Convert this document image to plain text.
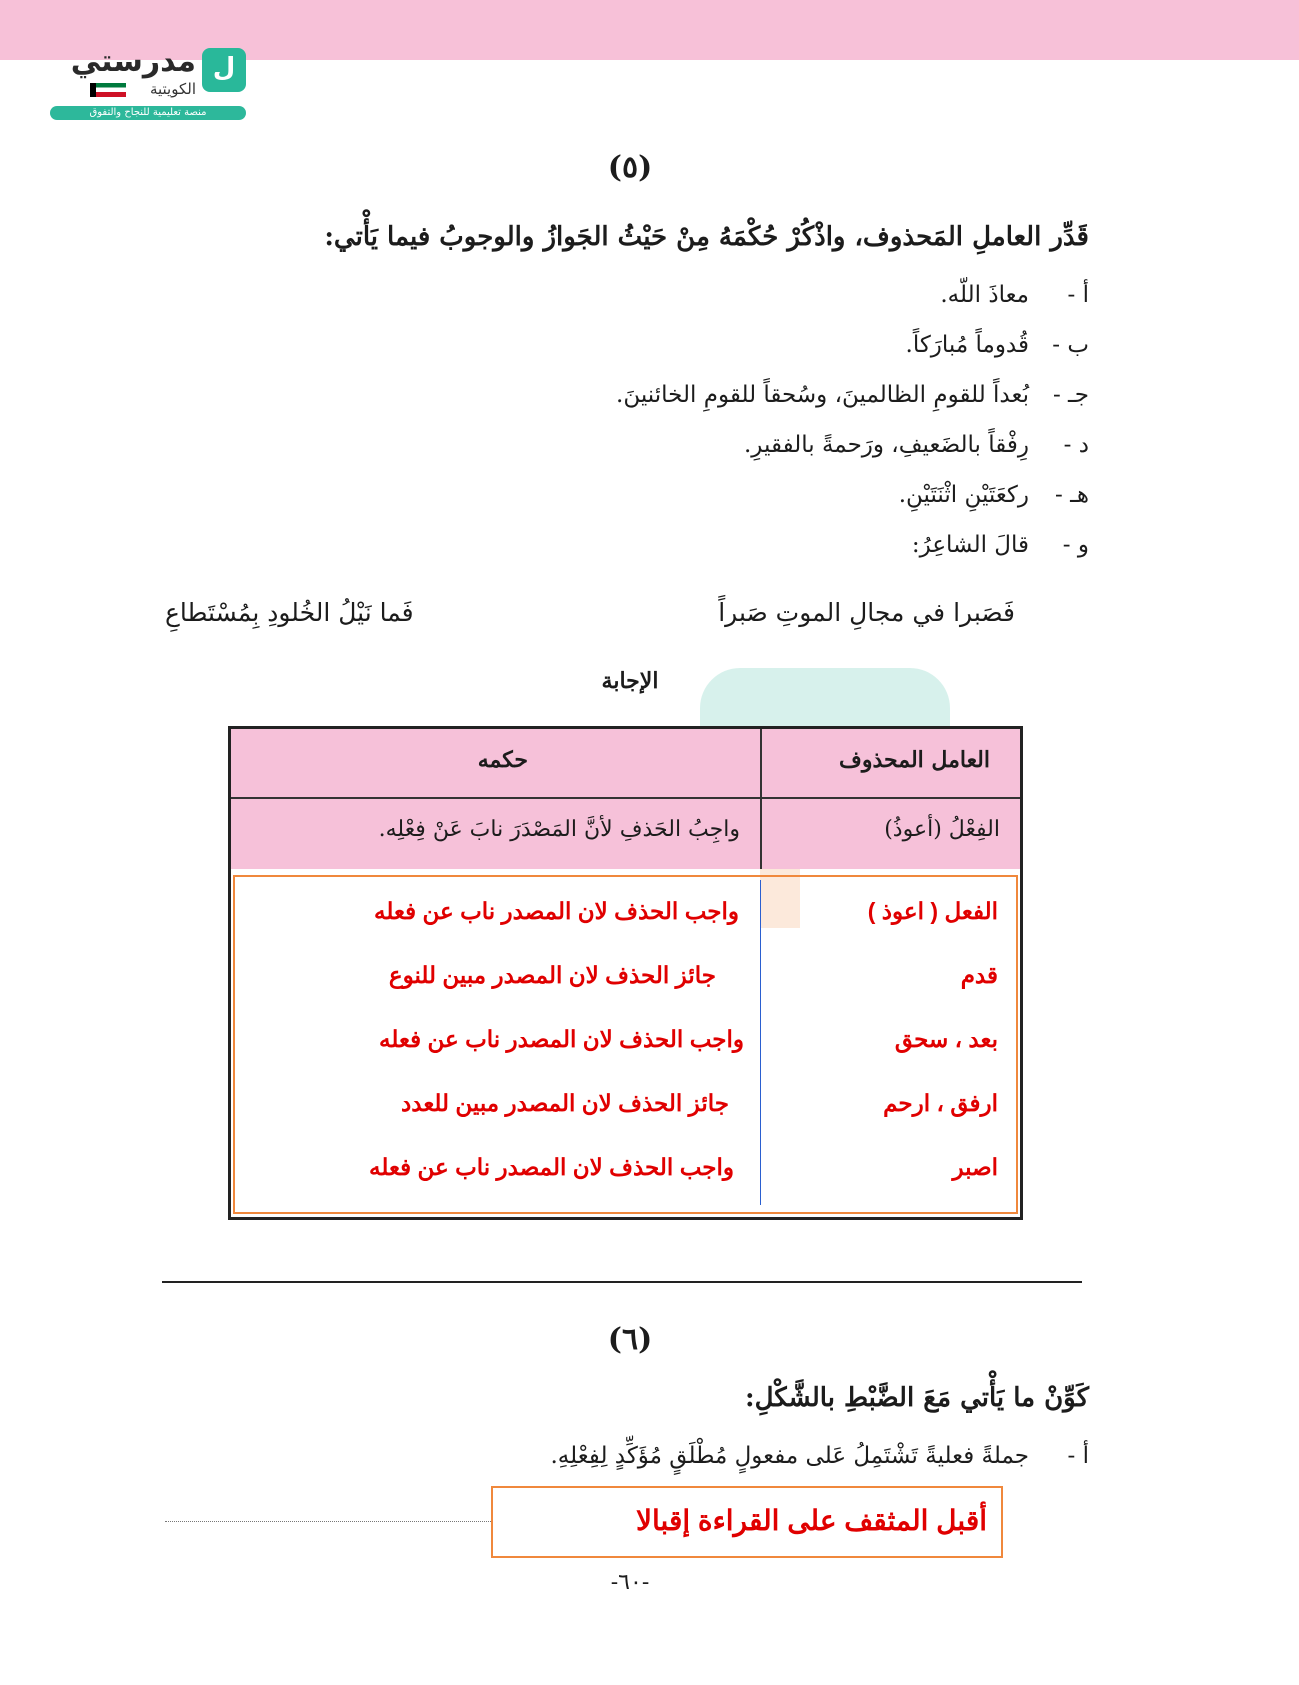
ل
مدرستي
الكويتية
منصة تعليمية للنجاح والتفوق
(٥)
قَدِّر العاملِ المَحذوف، واذْكُرْ حُكْمَهُ مِنْ حَيْثُ الجَوازُ والوجوبُ فيما يَأْتي:
أ -معاذَ اللّه.
ب -قُدوماً مُبارَكاً.
جـ -بُعداً للقومِ الظالمينَ، وسُحقاً للقومِ الخائنينَ.
د -رِفْقاً بالضَعيفِ، ورَحمةً بالفقيرِ.
هـ -ركعَتَيْنِ اثْنَتَيْنِ.
و -قالَ الشاعِرُ:
فَصَبرا في مجالِ الموتِ صَبراً
فَما نَيْلُ الخُلودِ بِمُسْتَطاعِ
الإجابة
العامل المحذوف
حكمه
الفِعْلُ (أعوذُ)
واجِبُ الحَذفِ لأنَّ المَصْدَرَ نابَ عَنْ فِعْلِه.
الفعل ( اعوذ )
واجب الحذف لان المصدر ناب عن فعله
قدم
جائز الحذف لان المصدر مبين للنوع
بعد ، سحق
واجب الحذف لان المصدر ناب عن فعله
ارفق ، ارحم
جائز الحذف لان المصدر مبين للعدد
اصبر
واجب الحذف لان المصدر ناب عن فعله
(٦)
كَوِّنْ ما يَأْتي مَعَ الضَّبْطِ بالشَّكْلِ:
أ -جملةً فعليةً تَشْتَمِلُ عَلى مفعولٍ مُطْلَقٍ مُؤَكِّدٍ لِفِعْلِهِ.
أقبل المثقف على القراءة إقبالا
-٦٠-
